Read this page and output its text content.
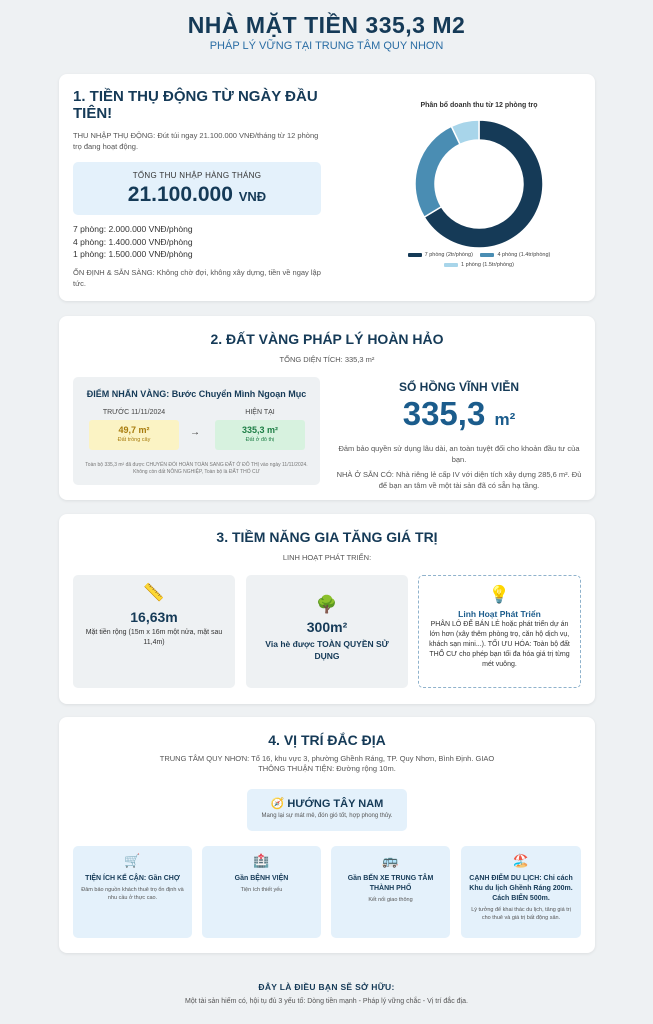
NHÀ MẶT TIỀN 335,3 M2
PHÁP LÝ VỮNG TẠI TRUNG TÂM QUY NHƠN
1. TIỀN THỤ ĐỘNG TỪ NGÀY ĐẦU TIÊN!
THU NHẬP THỤ ĐỘNG: Đút túi ngay 21.100.000 VNĐ/tháng từ 12 phòng trọ đang hoạt động.
TỔNG THU NHẬP HÀNG THÁNG
21.100.000 VNĐ
7 phòng: 2.000.000 VNĐ/phòng
4 phòng: 1.400.000 VNĐ/phòng
1 phòng: 1.500.000 VNĐ/phòng
ỔN ĐỊNH & SẴN SÀNG: Không chờ đợi, không xây dựng, tiền về ngay lập tức.
Phân bổ doanh thu từ 12 phòng trọ
7 phòng (2tr/phòng)	4 phòng (1.4tr/phòng)
1 phòng (1.5tr/phòng)
2. ĐẤT VÀNG PHÁP LÝ HOÀN HẢO
TỔNG DIỆN TÍCH: 335,3 m²
ĐIỂM NHẤN VÀNG: Bước Chuyển Mình Ngoạn Mục
TRƯỚC 11/11/2024
49,7 m²
Đất trồng cây
→
HIỆN TẠI
335,3 m²
Đất ở đô thị
Toàn bộ 335,3 m² đã được CHUYỂN ĐỔI HOÀN TOÀN SANG ĐẤT Ở ĐÔ THỊ vào ngày 11/11/2024. Không còn đất NÔNG NGHIỆP, Toàn bộ là ĐẤT THỔ CƯ
SỔ HỒNG VĨNH VIỄN
335,3 m²
Đảm bảo quyền sử dụng lâu dài, an toàn tuyệt đối cho khoản đầu tư của bạn.
NHÀ Ở SẴN CÓ: Nhà riêng lẻ cấp IV với diện tích xây dựng 285,6 m². Đủ để bạn an tâm về một tài sản đã có sẵn hạ tầng.
3. TIỀM NĂNG GIA TĂNG GIÁ TRỊ
LINH HOẠT PHÁT TRIỂN:
📏
16,63m
Mặt tiền rộng (15m x 16m một nửa, mặt sau 11,4m)
🌳
300m²
Vỉa hè được TOÀN QUYỀN SỬ DỤNG
💡
Linh Hoạt Phát Triển
PHÂN LÔ ĐỂ BÁN LẺ hoặc phát triển dự án lớn hơn (xây thêm phòng trọ, căn hộ dịch vụ, khách sạn mini...). TỐI ƯU HÓA: Toàn bộ đất THỔ CƯ cho phép bạn tối đa hóa giá trị từng mét vuông.
4. VỊ TRÍ ĐẮC ĐỊA
TRUNG TÂM QUY NHƠN: Tổ 16, khu vực 3, phường Ghềnh Ráng, TP. Quy Nhơn, Bình Định. GIAO THÔNG THUẬN TIỆN: Đường rộng 10m.
🧭 HƯỚNG TÂY NAM
Mang lại sự mát mẻ, đón gió tốt, hợp phong thủy.
🛒
TIỆN ÍCH KẾ CẬN: Gần CHỢ
Đảm bảo nguồn khách thuê trọ ổn định và nhu cầu ở thực cao.
🏥
Gần BỆNH VIỆN
Tiện ích thiết yếu
🚌
Gần BẾN XE TRUNG TÂM THÀNH PHỐ
Kết nối giao thông
🏖️
CẠNH ĐIỂM DU LỊCH: Chỉ cách Khu du lịch Ghềnh Ráng 200m. Cách BIỂN 500m.
Lý tưởng để khai thác du lịch, tăng giá trị cho thuê và giá trị bất động sản.
ĐÂY LÀ ĐIỀU BẠN SẼ SỞ HỮU:
Một tài sản hiếm có, hội tụ đủ 3 yếu tố: Dòng tiền mạnh - Pháp lý vững chắc - Vị trí đắc địa.
